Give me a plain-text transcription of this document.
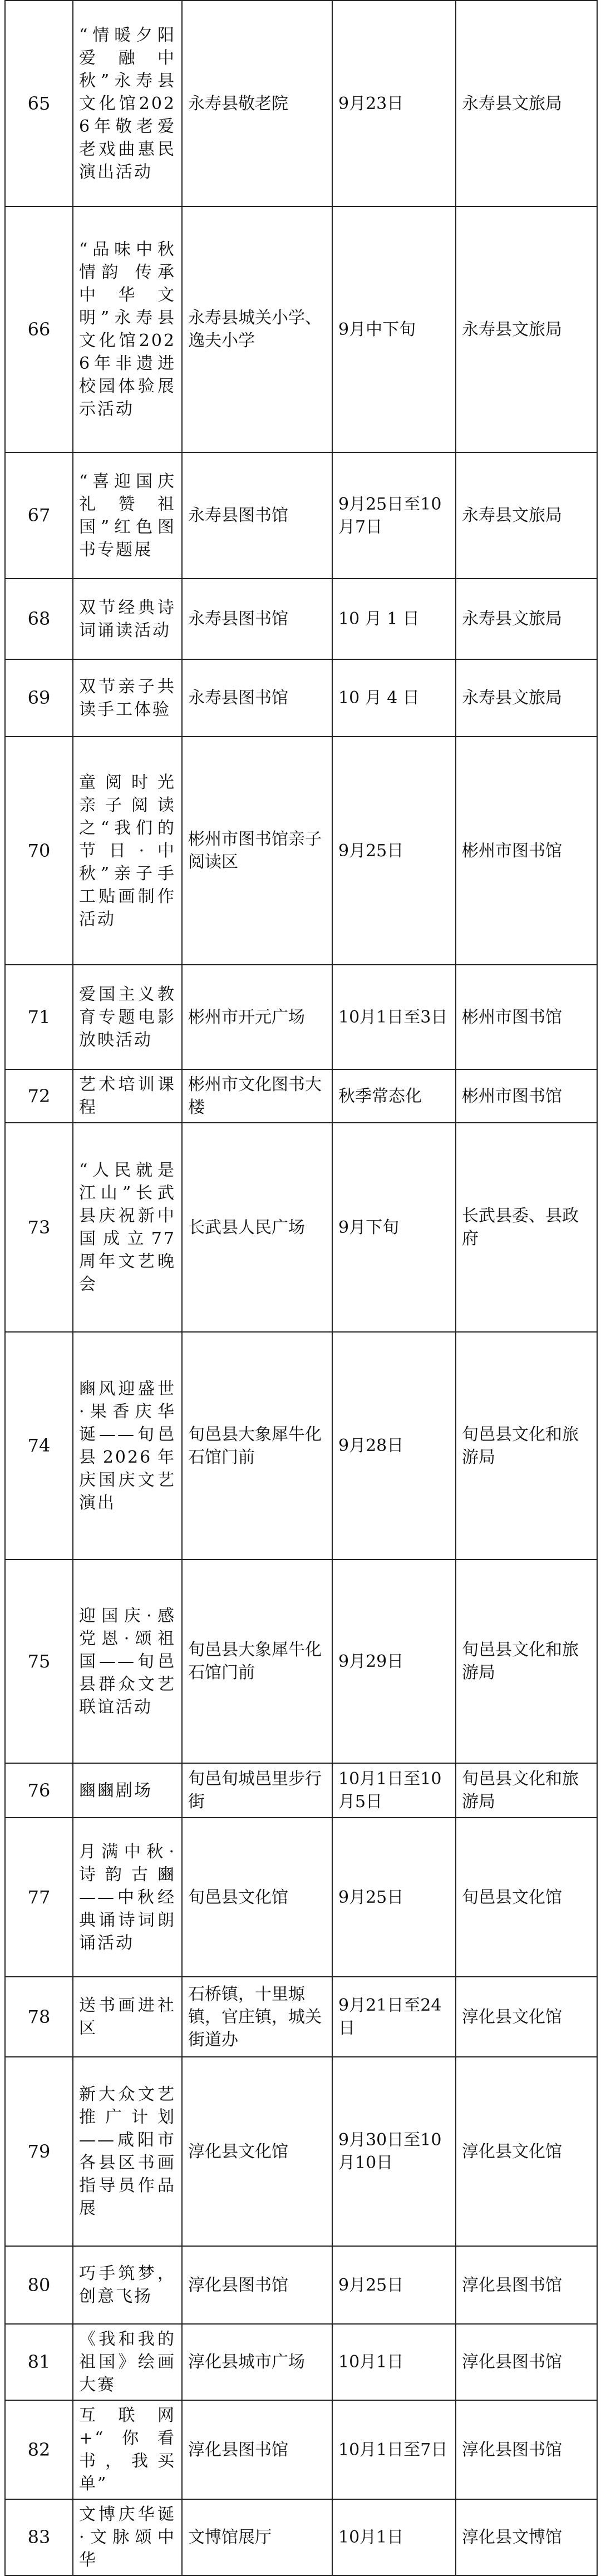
65	“情暖夕阳 爱融中秋”永寿县文化馆2026年敬老爱老戏曲惠民演出活动	永寿县敬老院	9月23日	永寿县文旅局
66	“品味中秋情韵 传承中华文明”永寿县文化馆2026年非遗进校园体验展示活动	永寿县城关小学、逸夫小学	9月中下旬	永寿县文旅局
67	“喜迎国庆 礼赞祖国”红色图书专题展	永寿县图书馆	9月25日至10月7日	永寿县文旅局
68	双节经典诗词诵读活动	永寿县图书馆	10 月 1 日	永寿县文旅局
69	双节亲子共读手工体验	永寿县图书馆	10 月 4 日	永寿县文旅局
70	童阅时光 亲子阅读之“我们的节日·中秋”亲子手工贴画制作活动	彬州市图书馆亲子阅读区	9月25日	彬州市图书馆
71	爱国主义教育专题电影放映活动	彬州市开元广场	10月1日至3日	彬州市图书馆
72	艺术培训课程	彬州市文化图书大楼	秋季常态化	彬州市图书馆
73	“人民就是江山”长武县庆祝新中国成立77周年文艺晚会	长武县人民广场	9月下旬	长武县委、县政府
74	豳风迎盛世·果香庆华诞——旬邑县2026年庆国庆文艺演出	旬邑县大象犀牛化石馆门前	9月28日	旬邑县文化和旅游局
75	迎国庆·感党恩·颂祖国——旬邑县群众文艺联谊活动	旬邑县大象犀牛化石馆门前	9月29日	旬邑县文化和旅游局
76	豳豳剧场	旬邑旬城邑里步行街	10月1日至10月5日	旬邑县文化和旅游局
77	月满中秋·诗韵古豳——中秋经典诵诗词朗诵活动	旬邑县文化馆	9月25日	旬邑县文化馆
78	送书画进社区	石桥镇，十里塬镇，官庄镇，城关街道办	9月21日至24日	淳化县文化馆
79	新大众文艺推广计划——咸阳市各县区书画指导员作品展	淳化县文化馆	9月30日至10月10日	淳化县文化馆
80	巧手筑梦，创意飞扬	淳化县图书馆	9月25日	淳化县图书馆
81	《我和我的祖国》绘画大赛	淳化县城市广场	10月1日	淳化县图书馆
82	互联网+“你看书，我买单”	淳化县图书馆	10月1日至7日	淳化县图书馆
83	文博庆华诞·文脉颂中华	文博馆展厅	10月1日	淳化县文博馆
